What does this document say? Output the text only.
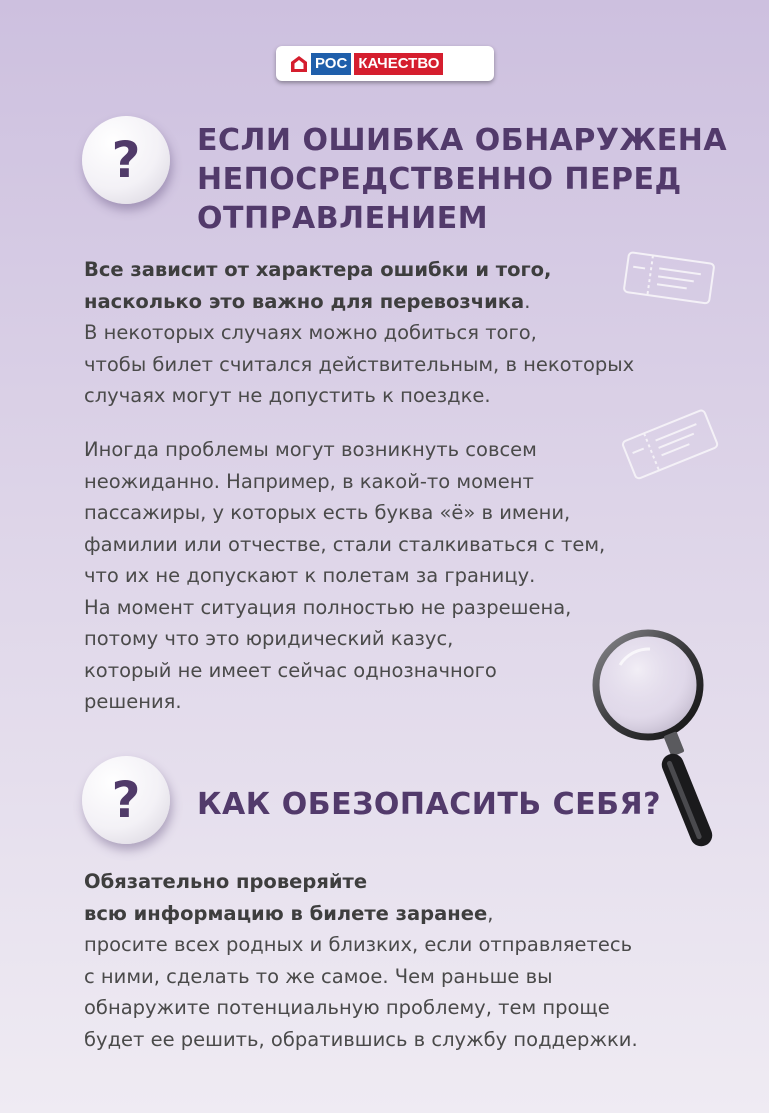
РОС КАЧЕСТВО
? ЕСЛИ ОШИБКА ОБНАРУЖЕНА
НЕПОСРЕДСТВЕННО ПЕРЕД
ОТПРАВЛЕНИЕМ

Все зависит от характера ошибки и того,
насколько это важно для перевозчика.
В некоторых случаях можно добиться того,
чтобы билет считался действительным, в некоторых
случаях могут не допустить к поездке.

Иногда проблемы могут возникнуть совсем
неожиданно. Например, в какой-то момент
пассажиры, у которых есть буква «ё» в имени,
фамилии или отчестве, стали сталкиваться с тем,
что их не допускают к полетам за границу.
На момент ситуация полностью не разрешена,
потому что это юридический казус,
который не имеет сейчас однозначного
решения.

? КАК ОБЕЗОПАСИТЬ СЕБЯ?

Обязательно проверяйте
всю информацию в билете заранее,
просите всех родных и близких, если отправляетесь
с ними, сделать то же самое. Чем раньше вы
обнаружите потенциальную проблему, тем проще
будет ее решить, обратившись в службу поддержки.
